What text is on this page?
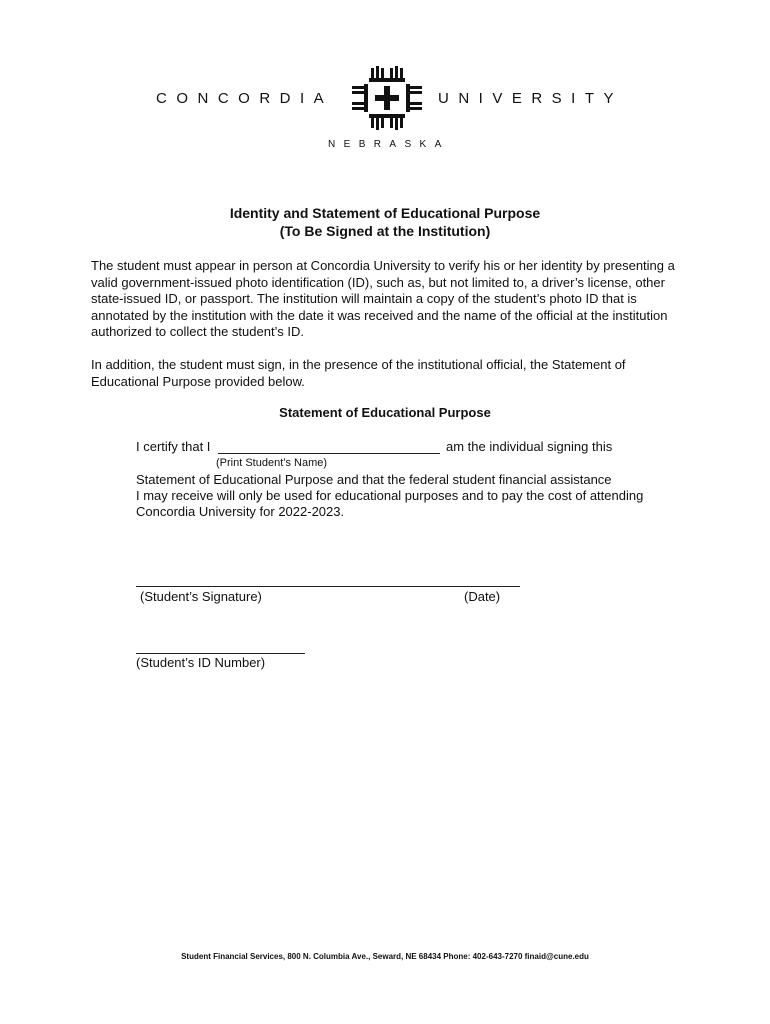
CONCORDIA	UNIVERSITY
NEBRASKA
Identity and Statement of Educational Purpose
(To Be Signed at the Institution)

The student must appear in person at Concordia University to verify his or her identity by presenting a valid government-issued photo identification (ID), such as, but not limited to, a driver’s license, other state-issued ID, or passport. The institution will maintain a copy of the student’s photo ID that is annotated by the institution with the date it was received and the name of the official at the institution authorized to collect the student’s ID.

In addition, the student must sign, in the presence of the institutional official, the Statement of Educational Purpose provided below.

Statement of Educational Purpose
I certify that I	am the individual signing this
(Print Student’s Name)
Statement of Educational Purpose and that the federal student financial assistance
I may receive will only be used for educational purposes and to pay the cost of attending
Concordia University for 2022-2023.
(Student’s Signature)	(Date)
(Student’s ID Number)
Student Financial Services, 800 N. Columbia Ave., Seward, NE 68434 Phone: 402-643-7270 finaid@cune.edu
